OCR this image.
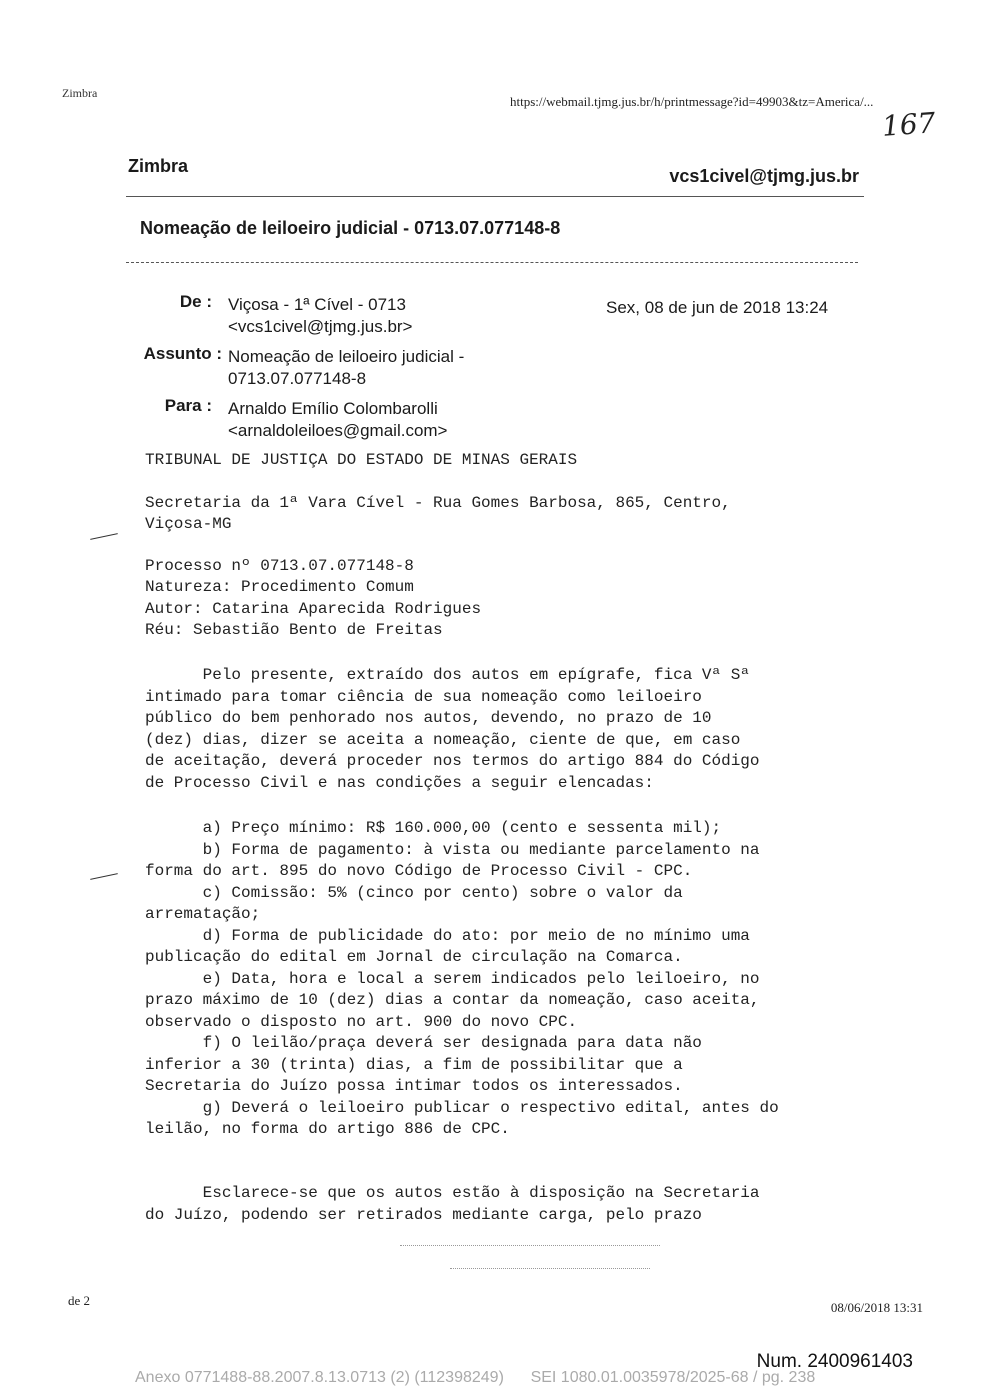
Zimbra
https://webmail.tjmg.jus.br/h/printmessage?id=49903&tz=America/...
167
Zimbra	vcs1civel@tjmg.jus.br
Nomeação de leiloeiro judicial - 0713.07.077148-8
De : Viçosa - 1ª Cível - 0713
<vcs1civel@tjmg.jus.br>
Sex, 08 de jun de 2018 13:24
Assunto : Nomeação de leiloeiro judicial -
0713.07.077148-8
Para : Arnaldo Emílio Colombarolli
<arnaldoleiloes@gmail.com>
TRIBUNAL DE JUSTIÇA DO ESTADO DE MINAS GERAIS
Secretaria da 1ª Vara Cível - Rua Gomes Barbosa, 865, Centro,
Viçosa-MG
Processo nº 0713.07.077148-8
Natureza: Procedimento Comum
Autor: Catarina Aparecida Rodrigues
Réu: Sebastião Bento de Freitas
Pelo presente, extraído dos autos em epígrafe, fica Vª Sª
intimado para tomar ciência de sua nomeação como leiloeiro
público do bem penhorado nos autos, devendo, no prazo de 10
(dez) dias, dizer se aceita a nomeação, ciente de que, em caso
de aceitação, deverá proceder nos termos do artigo 884 do Código
de Processo Civil e nas condições a seguir elencadas:
a) Preço mínimo: R$ 160.000,00 (cento e sessenta mil);
b) Forma de pagamento: à vista ou mediante parcelamento na
forma do art. 895 do novo Código de Processo Civil - CPC.
c) Comissão: 5% (cinco por cento) sobre o valor da
arrematação;
d) Forma de publicidade do ato: por meio de no mínimo uma
publicação do edital em Jornal de circulação na Comarca.
e) Data, hora e local a serem indicados pelo leiloeiro, no
prazo máximo de 10 (dez) dias a contar da nomeação, caso aceita,
observado o disposto no art. 900 do novo CPC.
f) O leilão/praça deverá ser designada para data não
inferior a 30 (trinta) dias, a fim de possibilitar que a
Secretaria do Juízo possa intimar todos os interessados.
g) Deverá o leiloeiro publicar o respectivo edital, antes do
leilão, no forma do artigo 886 de CPC.
Esclarece-se que os autos estão à disposição na Secretaria
do Juízo, podendo ser retirados mediante carga, pelo prazo
de 2	08/06/2018 13:31
Num. 2400961403
Anexo 0771488-88.2007.8.13.0713 (2) (112398249)      SEI 1080.01.0035978/2025-68 / pg. 238
